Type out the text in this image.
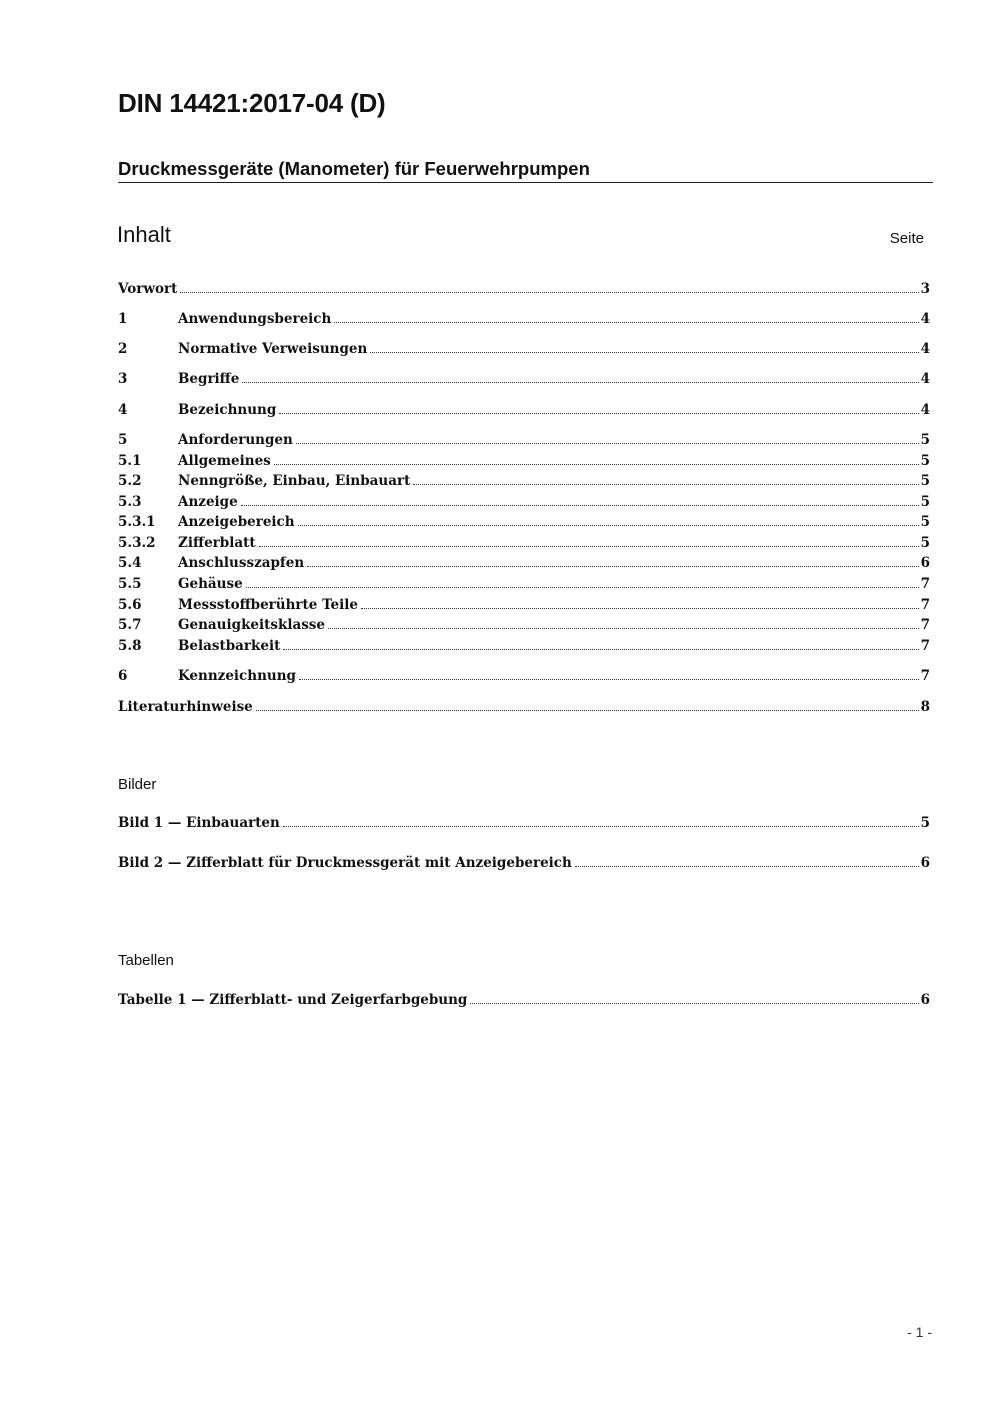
DIN 14421:2017-04 (D)
Druckmessgeräte (Manometer) für Feuerwehrpumpen
Inhalt	Seite
Vorwort	3
1	Anwendungsbereich	4
2	Normative Verweisungen	4
3	Begriffe	4
4	Bezeichnung	4
5	Anforderungen	5
5.1	Allgemeines	5
5.2	Nenngröße, Einbau, Einbauart	5
5.3	Anzeige	5
5.3.1	Anzeigebereich	5
5.3.2	Zifferblatt	5
5.4	Anschlusszapfen	6
5.5	Gehäuse	7
5.6	Messstoffberührte Teile	7
5.7	Genauigkeitsklasse	7
5.8	Belastbarkeit	7
6	Kennzeichnung	7
Literaturhinweise	8
Bilder
Bild 1 — Einbauarten	5
Bild 2 — Zifferblatt für Druckmessgerät mit Anzeigebereich	6
Tabellen
Tabelle 1 — Zifferblatt- und Zeigerfarbgebung	6
- 1 -
